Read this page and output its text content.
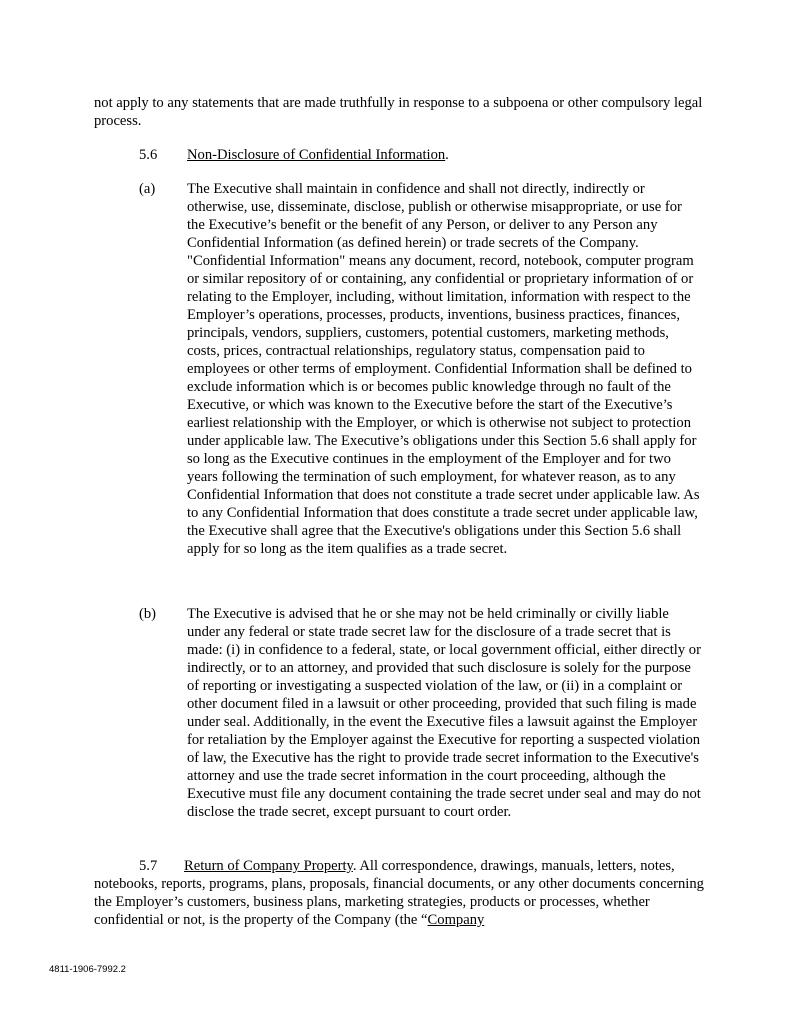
not apply to any statements that are made truthfully in response to a subpoena or other compulsory legal process.

5.6 Non-Disclosure of Confidential Information.

(a)	The Executive shall maintain in confidence and shall not directly, indirectly or otherwise, use, disseminate, disclose, publish or otherwise misappropriate, or use for the Executive’s benefit or the benefit of any Person, or deliver to any Person any Confidential Information (as defined herein) or trade secrets of the Company. "Confidential Information" means any document, record, notebook, computer program or similar repository of or containing, any confidential or proprietary information of or relating to the Employer, including, without limitation, information with respect to the Employer’s operations, processes, products, inventions, business practices, finances, principals, vendors, suppliers, customers, potential customers, marketing methods, costs, prices, contractual relationships, regulatory status, compensation paid to employees or other terms of employment. Confidential Information shall be defined to exclude information which is or becomes public knowledge through no fault of the Executive, or which was known to the Executive before the start of the Executive’s earliest relationship with the Employer, or which is otherwise not subject to protection under applicable law. The Executive’s obligations under this Section 5.6 shall apply for so long as the Executive continues in the employment of the Employer and for two years following the termination of such employment, for whatever reason, as to any Confidential Information that does not constitute a trade secret under applicable law. As to any Confidential Information that does constitute a trade secret under applicable law, the Executive shall agree that the Executive's obligations under this Section 5.6 shall apply for so long as the item qualifies as a trade secret.

(b)	The Executive is advised that he or she may not be held criminally or civilly liable under any federal or state trade secret law for the disclosure of a trade secret that is made: (i) in confidence to a federal, state, or local government official, either directly or indirectly, or to an attorney, and provided that such disclosure is solely for the purpose of reporting or investigating a suspected violation of the law, or (ii) in a complaint or other document filed in a lawsuit or other proceeding, provided that such filing is made under seal. Additionally, in the event the Executive files a lawsuit against the Employer for retaliation by the Employer against the Executive for reporting a suspected violation of law, the Executive has the right to provide trade secret information to the Executive's attorney and use the trade secret information in the court proceeding, although the Executive must file any document containing the trade secret under seal and may do not disclose the trade secret, except pursuant to court order.

5.7 Return of Company Property. All correspondence, drawings, manuals, letters, notes, notebooks, reports, programs, plans, proposals, financial documents, or any other documents concerning the Employer’s customers, business plans, marketing strategies, products or processes, whether confidential or not, is the property of the Company (the “Company

4811-1906-7992.2
